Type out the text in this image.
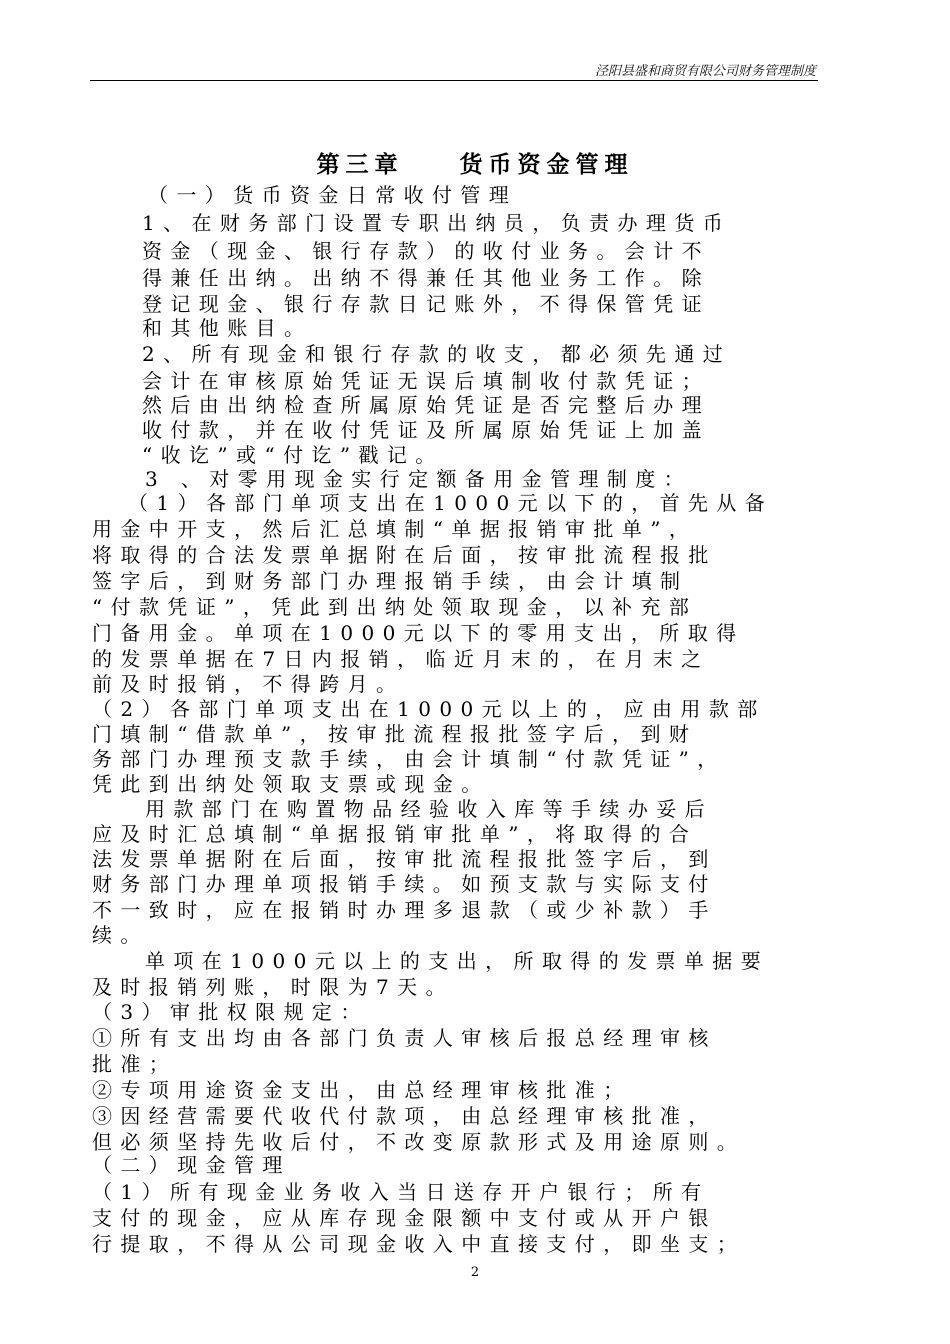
泾阳县盛和商贸有限公司财务管理制度
第三章    货币资金管理
（一）货币资金日常收付管理
1、在财务部门设置专职出纳员，负责办理货币
资金（现金、银行存款）的收付业务。会计不
得兼任出纳。出纳不得兼任其他业务工作。除
登记现金、银行存款日记账外，不得保管凭证
和其他账目。
2、所有现金和银行存款的收支，都必须先通过
会计在审核原始凭证无误后填制收付款凭证；
然后由出纳检查所属原始凭证是否完整后办理
收付款，并在收付凭证及所属原始凭证上加盖
“收讫”或“付讫”戳记。
3 、对零用现金实行定额备用金管理制度：
（1）各部门单项支出在1000元以下的，首先从备
用金中开支，然后汇总填制“单据报销审批单”，
将取得的合法发票单据附在后面，按审批流程报批
签字后，到财务部门办理报销手续，由会计填制
“付款凭证”，凭此到出纳处领取现金，以补充部
门备用金。单项在1000元以下的零用支出，所取得
的发票单据在7日内报销，临近月末的，在月末之
前及时报销，不得跨月。
（2）各部门单项支出在1000元以上的，应由用款部
门填制“借款单”，按审批流程报批签字后，到财
务部门办理预支款手续，由会计填制“付款凭证”，
凭此到出纳处领取支票或现金。
用款部门在购置物品经验收入库等手续办妥后
应及时汇总填制“单据报销审批单”，将取得的合
法发票单据附在后面，按审批流程报批签字后，到
财务部门办理单项报销手续。如预支款与实际支付
不一致时，应在报销时办理多退款（或少补款）手
续。
单项在1000元以上的支出，所取得的发票单据要
及时报销列账，时限为7天。
（3）审批权限规定：
①所有支出均由各部门负责人审核后报总经理审核
批准；
②专项用途资金支出，由总经理审核批准；
③因经营需要代收代付款项，由总经理审核批准，
但必须坚持先收后付，不改变原款形式及用途原则。
（二）现金管理
（1）所有现金业务收入当日送存开户银行；所有
支付的现金，应从库存现金限额中支付或从开户银
行提取，不得从公司现金收入中直接支付，即坐支；
2
